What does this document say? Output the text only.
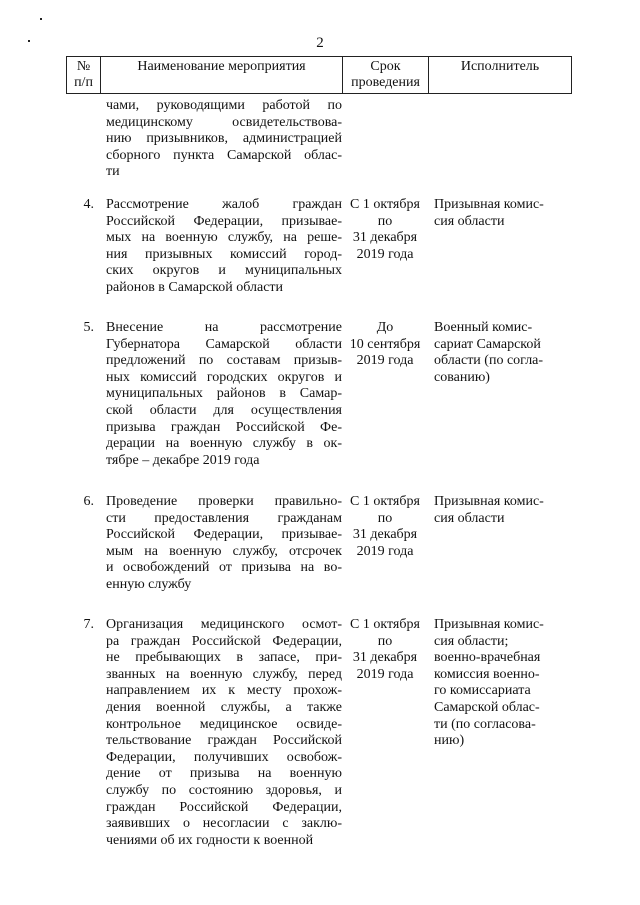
2
№
п/п
Наименование мероприятия	Срок
проведения
Исполнитель
чами, руководящими работой по
медицинскому освидетельствова-
нию призывников, администрацией
сборного пункта Самарской облас-
ти
4. Рассмотрение жалоб граждан
Российской Федерации, призывае-
мых на военную службу, на реше-
ния призывных комиссий город-
ских округов и муниципальных
районов в Самарской области
С 1 октября
по
31 декабря
2019 года
Призывная комис-
сия области
5. Внесение на рассмотрение
Губернатора Самарской области
предложений по составам призыв-
ных комиссий городских округов и
муниципальных районов в Самар-
ской области для осуществления
призыва граждан Российской Фе-
дерации на военную службу в ок-
тябре – декабре 2019 года
До
10 сентября
2019 года
Военный комис-
сариат Самарской
области (по согла-
сованию)
6. Проведение проверки правильно-
сти предоставления гражданам
Российской Федерации, призывае-
мым на военную службу, отсрочек
и освобождений от призыва на во-
енную службу
С 1 октября
по
31 декабря
2019 года
Призывная комис-
сия области
7. Организация медицинского осмот-
ра граждан Российской Федерации,
не пребывающих в запасе, при-
званных на военную службу, перед
направлением их к месту прохож-
дения военной службы, а также
контрольное медицинское освиде-
тельствование граждан Российской
Федерации, получивших освобож-
дение от призыва на военную
службу по состоянию здоровья, и
граждан Российской Федерации,
заявивших о несогласии с заклю-
чениями об их годности к военной
С 1 октября
по
31 декабря
2019 года
Призывная комис-
сия области;
военно-врачебная
комиссия военно-
го комиссариата
Самарской облас-
ти (по согласова-
нию)
